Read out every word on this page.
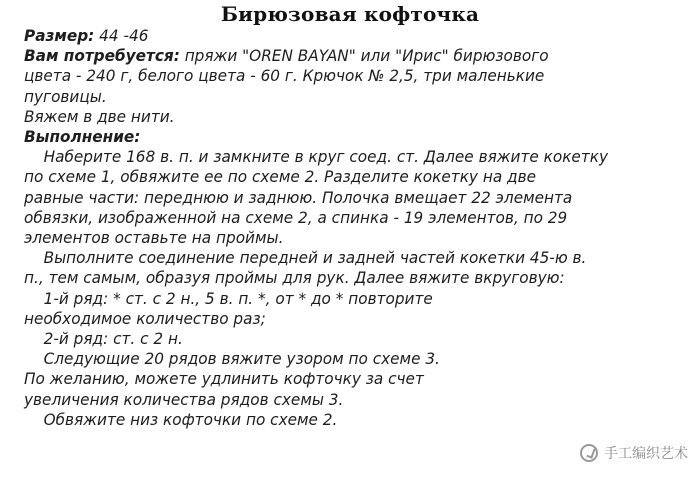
Бирюзовая кофточка

Размер: 44 -46

Вам потребуется: пряжи "OREN BAYAN" или "Ирис" бирюзового

цвета - 240 г, белого цвета - 60 г. Крючок № 2,5, три маленькие

пуговицы.

Вяжем в две нити.

Выполнение:

Наберите 168 в. п. и замкните в круг соед. ст. Далее вяжите кокетку

по схеме 1, обвяжите ее по схеме 2. Разделите кокетку на две

равные части: переднюю и заднюю. Полочка вмещает 22 элемента

обвязки, изображенной на схеме 2, а спинка - 19 элементов, по 29

элементов оставьте на проймы.

Выполните соединение передней и задней частей кокетки 45-ю в.

п., тем самым, образуя проймы для рук. Далее вяжите вкруговую:

1-й ряд: * ст. с 2 н., 5 в. п. *, от * до * повторите

необходимое количество раз;

2-й ряд: ст. с 2 н.

Следующие 20 рядов вяжите узором по схеме 3.

По желанию, можете удлинить кофточку за счет

увеличения количества рядов схемы 3.

Обвяжите низ кофточки по схеме 2.

手工编织艺术
